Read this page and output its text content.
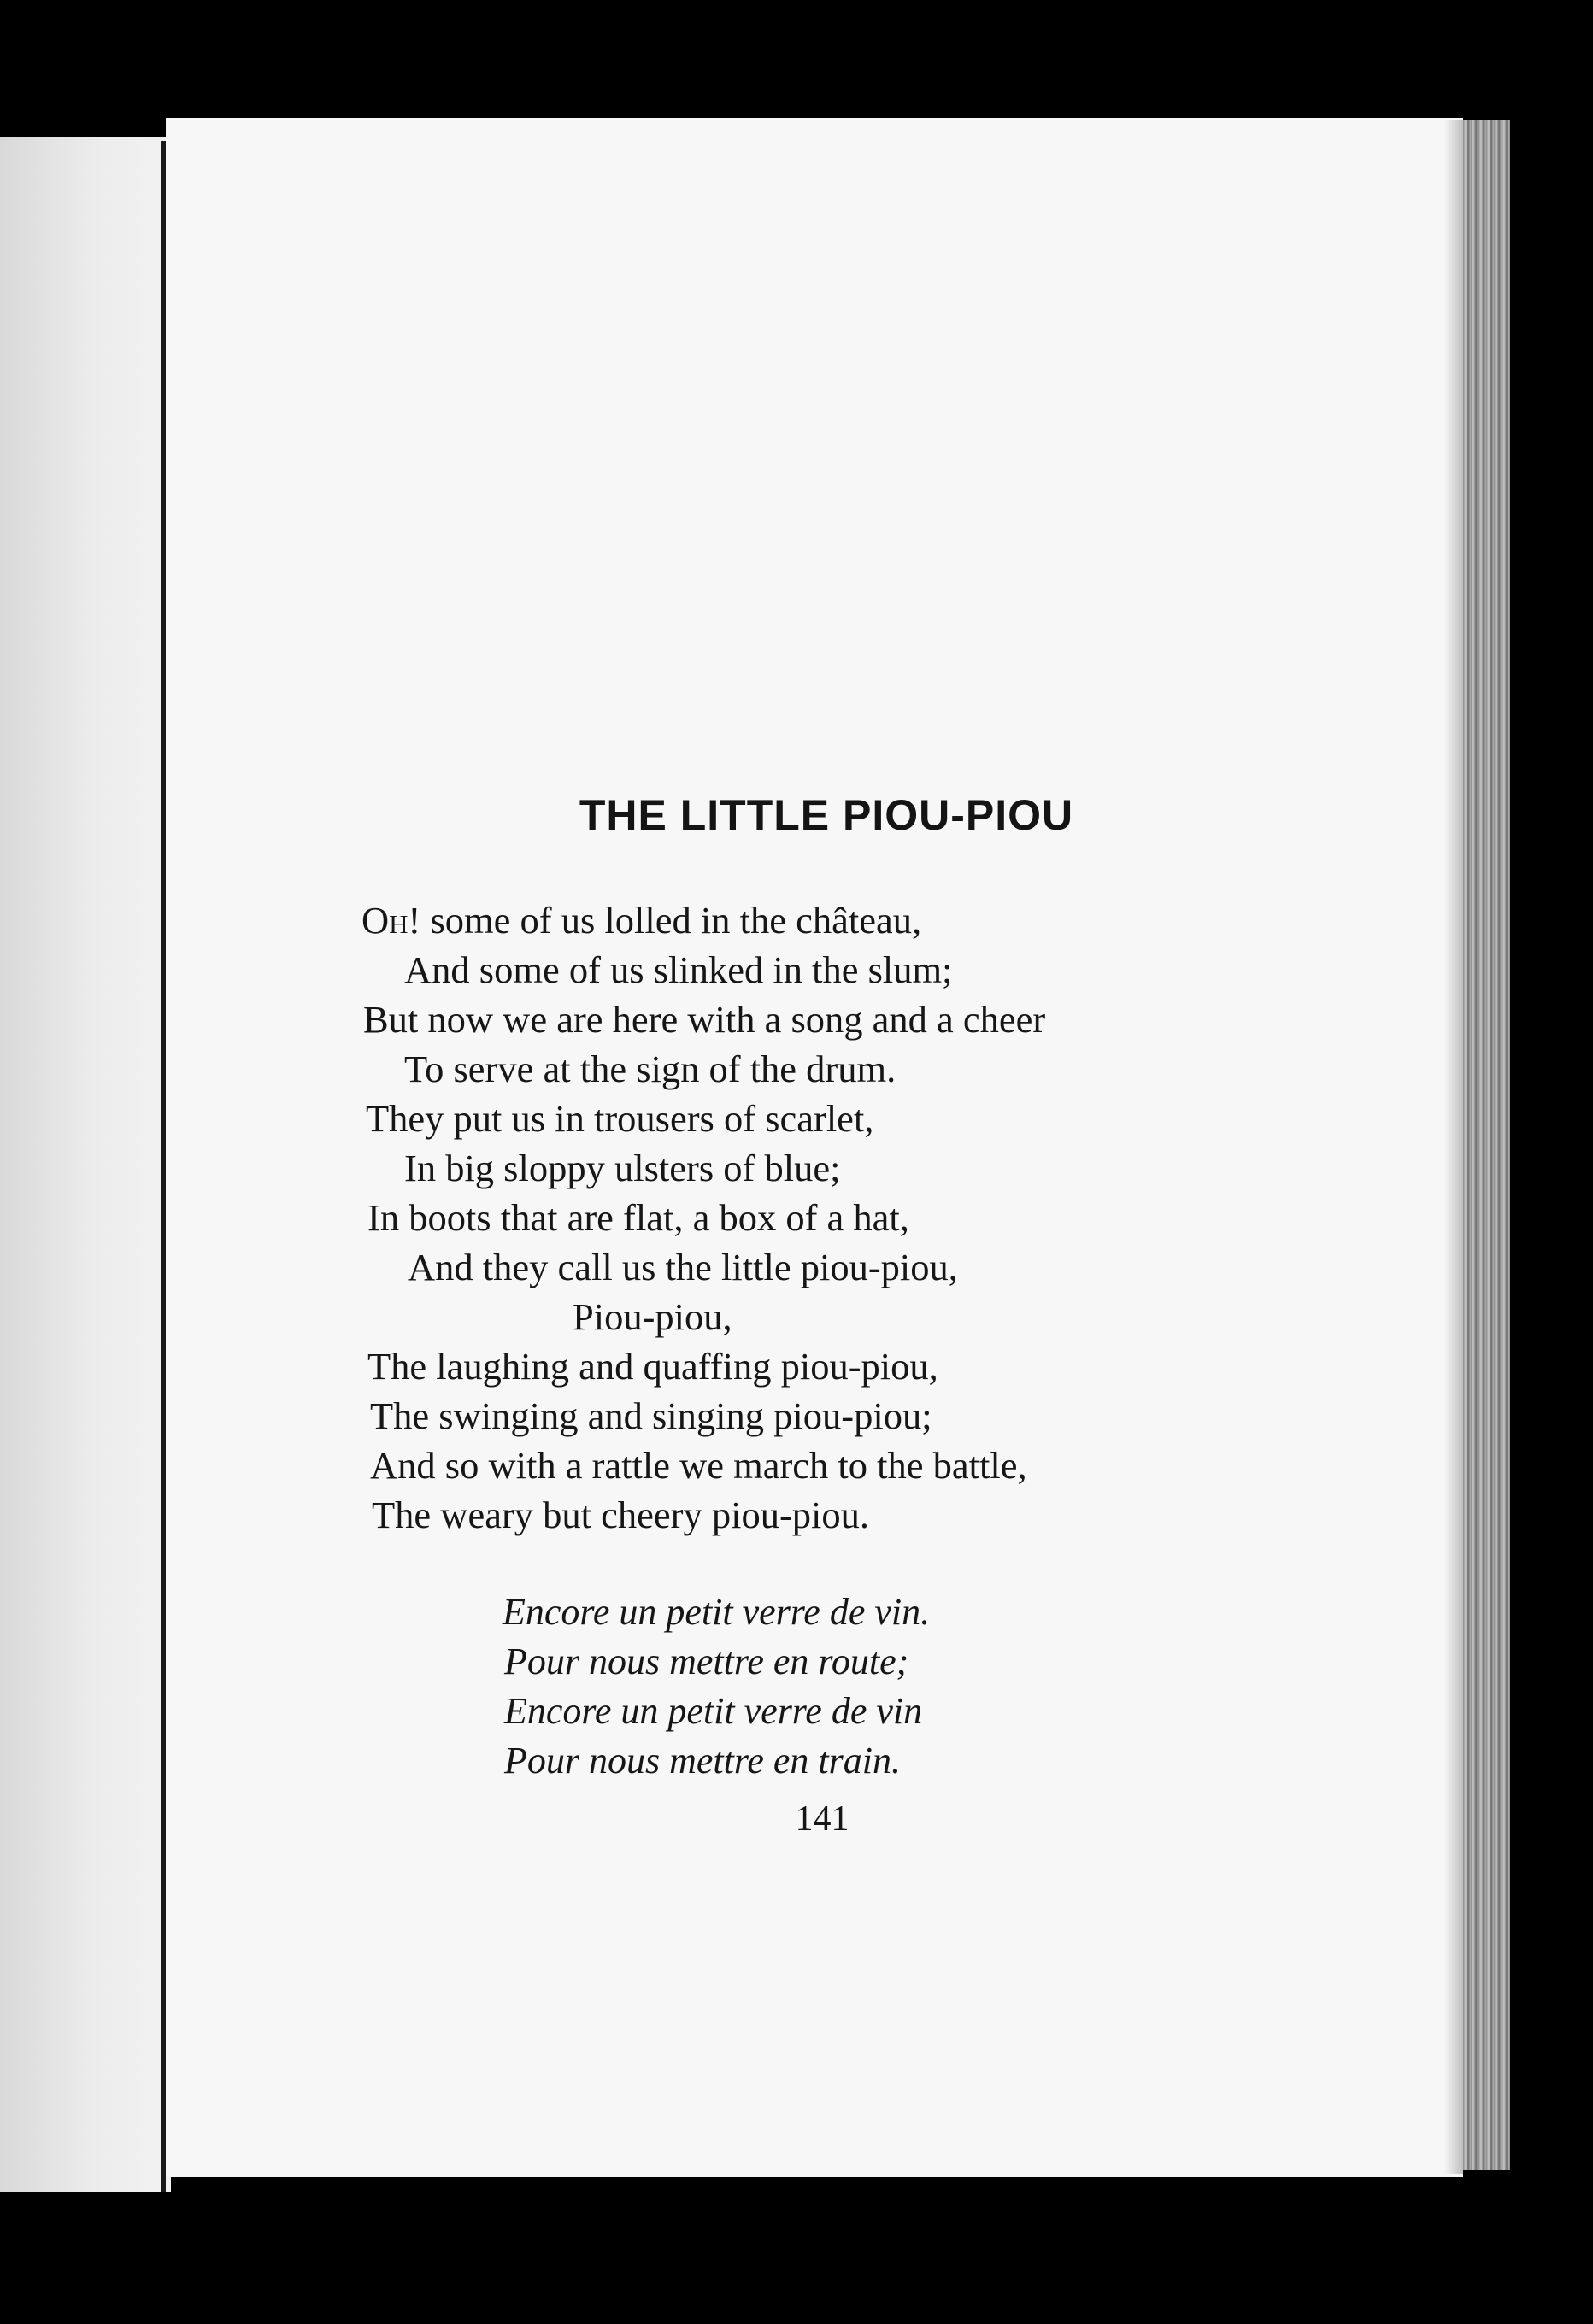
THE LITTLE PIOU-PIOU
Oh! some of us lolled in the château,
And some of us slinked in the slum;
But now we are here with a song and a cheer
To serve at the sign of the drum.
They put us in trousers of scarlet,
In big sloppy ulsters of blue;
In boots that are flat, a box of a hat,
And they call us the little piou-piou,
Piou-piou,
The laughing and quaffing piou-piou,
The swinging and singing piou-piou;
And so with a rattle we march to the battle,
The weary but cheery piou-piou.
Encore un petit verre de vin.
Pour nous mettre en route;
Encore un petit verre de vin
Pour nous mettre en train.
141
